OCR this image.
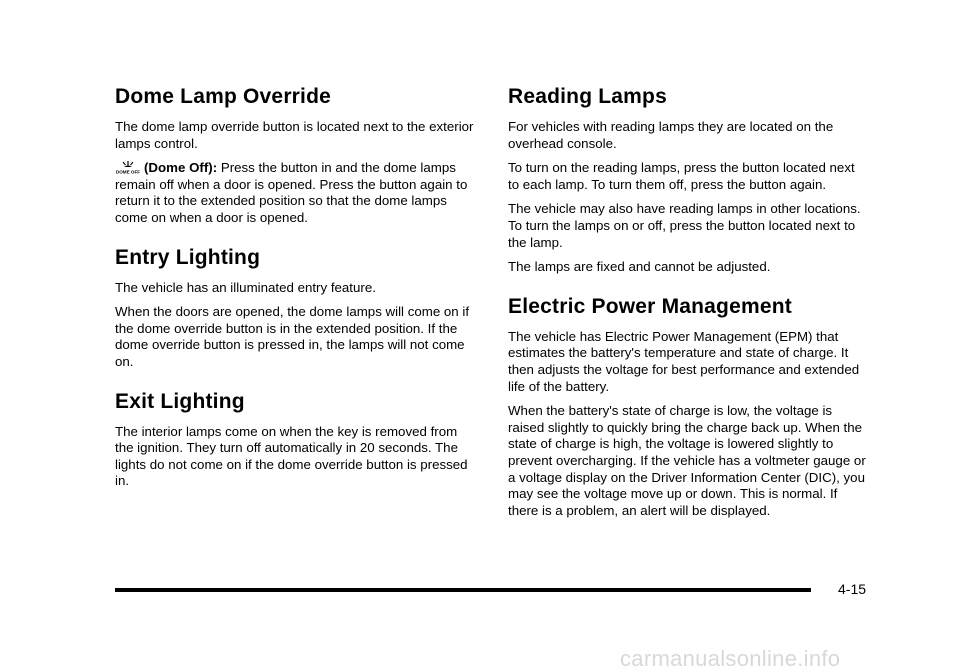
Dome Lamp Override

The dome lamp override button is located next to the exterior lamps control.

DOME OFF (Dome Off): Press the button in and the dome lamps remain off when a door is opened. Press the button again to return it to the extended position so that the dome lamps come on when a door is opened.

Entry Lighting

The vehicle has an illuminated entry feature.

When the doors are opened, the dome lamps will come on if the dome override button is in the extended position. If the dome override button is pressed in, the lamps will not come on.

Exit Lighting

The interior lamps come on when the key is removed from the ignition. They turn off automatically in 20 seconds. The lights do not come on if the dome override button is pressed in.

Reading Lamps

For vehicles with reading lamps they are located on the overhead console.

To turn on the reading lamps, press the button located next to each lamp. To turn them off, press the button again.

The vehicle may also have reading lamps in other locations. To turn the lamps on or off, press the button located next to the lamp.

The lamps are fixed and cannot be adjusted.

Electric Power Management

The vehicle has Electric Power Management (EPM) that estimates the battery's temperature and state of charge. It then adjusts the voltage for best performance and extended life of the battery.

When the battery's state of charge is low, the voltage is raised slightly to quickly bring the charge back up. When the state of charge is high, the voltage is lowered slightly to prevent overcharging. If the vehicle has a voltmeter gauge or a voltage display on the Driver Information Center (DIC), you may see the voltage move up or down. This is normal. If there is a problem, an alert will be displayed.

4-15
carmanualsonline.info
